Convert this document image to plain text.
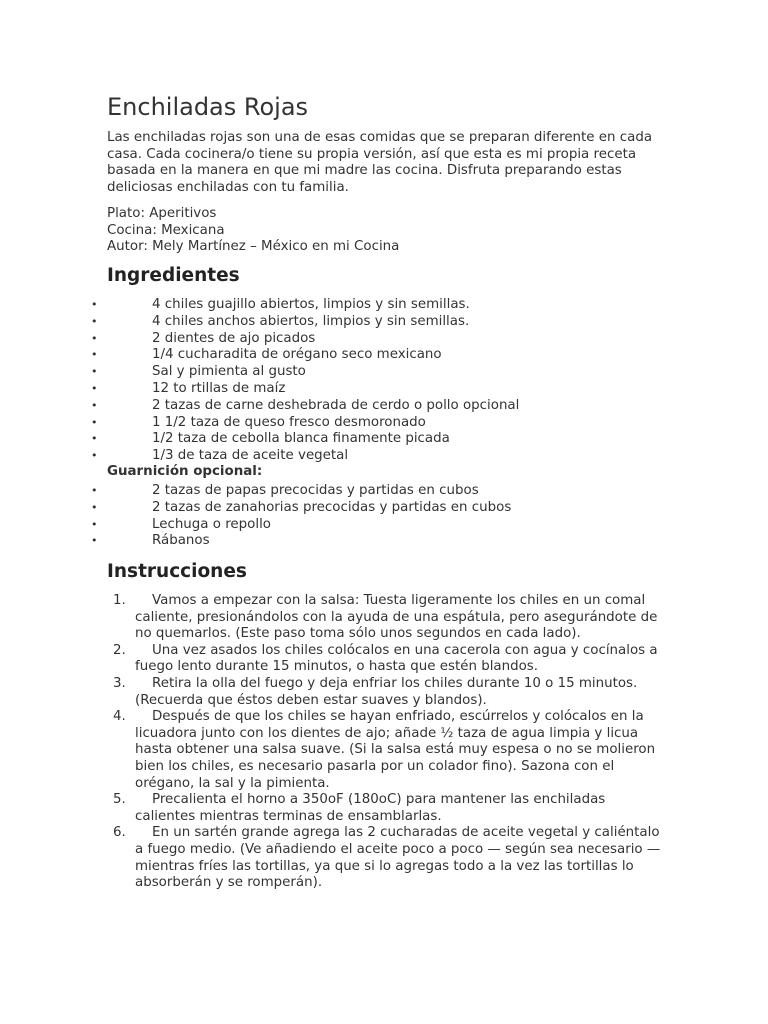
Enchiladas Rojas

Las enchiladas rojas son una de esas comidas que se preparan diferente en cada casa. Cada cocinera/o tiene su propia versión, así que esta es mi propia receta basada en la manera en que mi madre las cocina. Disfruta preparando estas deliciosas enchiladas con tu familia.

Plato: Aperitivos
Cocina: Mexicana
Autor: Mely Martínez – México en mi Cocina
Ingredientes
•	4 chiles guajillo abiertos, limpios y sin semillas.
•	4 chiles anchos abiertos, limpios y sin semillas.
•	2 dientes de ajo picados
•	1/4 cucharadita de orégano seco mexicano
•	Sal y pimienta al gusto
•	12 to rtillas de maíz
•	2 tazas de carne deshebrada de cerdo o pollo opcional
•	1 1/2 taza de queso fresco desmoronado
•	1/2 taza de cebolla blanca finamente picada
•	1/3 de taza de aceite vegetal
Guarnición opcional:
•	2 tazas de papas precocidas y partidas en cubos
•	2 tazas de zanahorias precocidas y partidas en cubos
•	Lechuga o repollo
•	Rábanos
Instrucciones
1.	Vamos a empezar con la salsa: Tuesta ligeramente los chiles en un comal caliente, presionándolos con la ayuda de una espátula, pero asegurándote de no quemarlos. (Este paso toma sólo unos segundos en cada lado).
2.	Una vez asados los chiles colócalos en una cacerola con agua y cocínalos a fuego lento durante 15 minutos, o hasta que estén blandos.
3.	Retira la olla del fuego y deja enfriar los chiles durante 10 o 15 minutos. (Recuerda que éstos deben estar suaves y blandos).
4.	Después de que los chiles se hayan enfriado, escúrrelos y colócalos en la licuadora junto con los dientes de ajo; añade ½ taza de agua limpia y licua hasta obtener una salsa suave. (Si la salsa está muy espesa o no se molieron bien los chiles, es necesario pasarla por un colador fino). Sazona con el orégano, la sal y la pimienta.
5.	Precalienta el horno a 350oF (180oC) para mantener las enchiladas calientes mientras terminas de ensamblarlas.
6.	En un sartén grande agrega las 2 cucharadas de aceite vegetal y caliéntalo a fuego medio. (Ve añadiendo el aceite poco a poco — según sea necesario — mientras fríes las tortillas, ya que si lo agregas todo a la vez las tortillas lo absorberán y se romperán).
